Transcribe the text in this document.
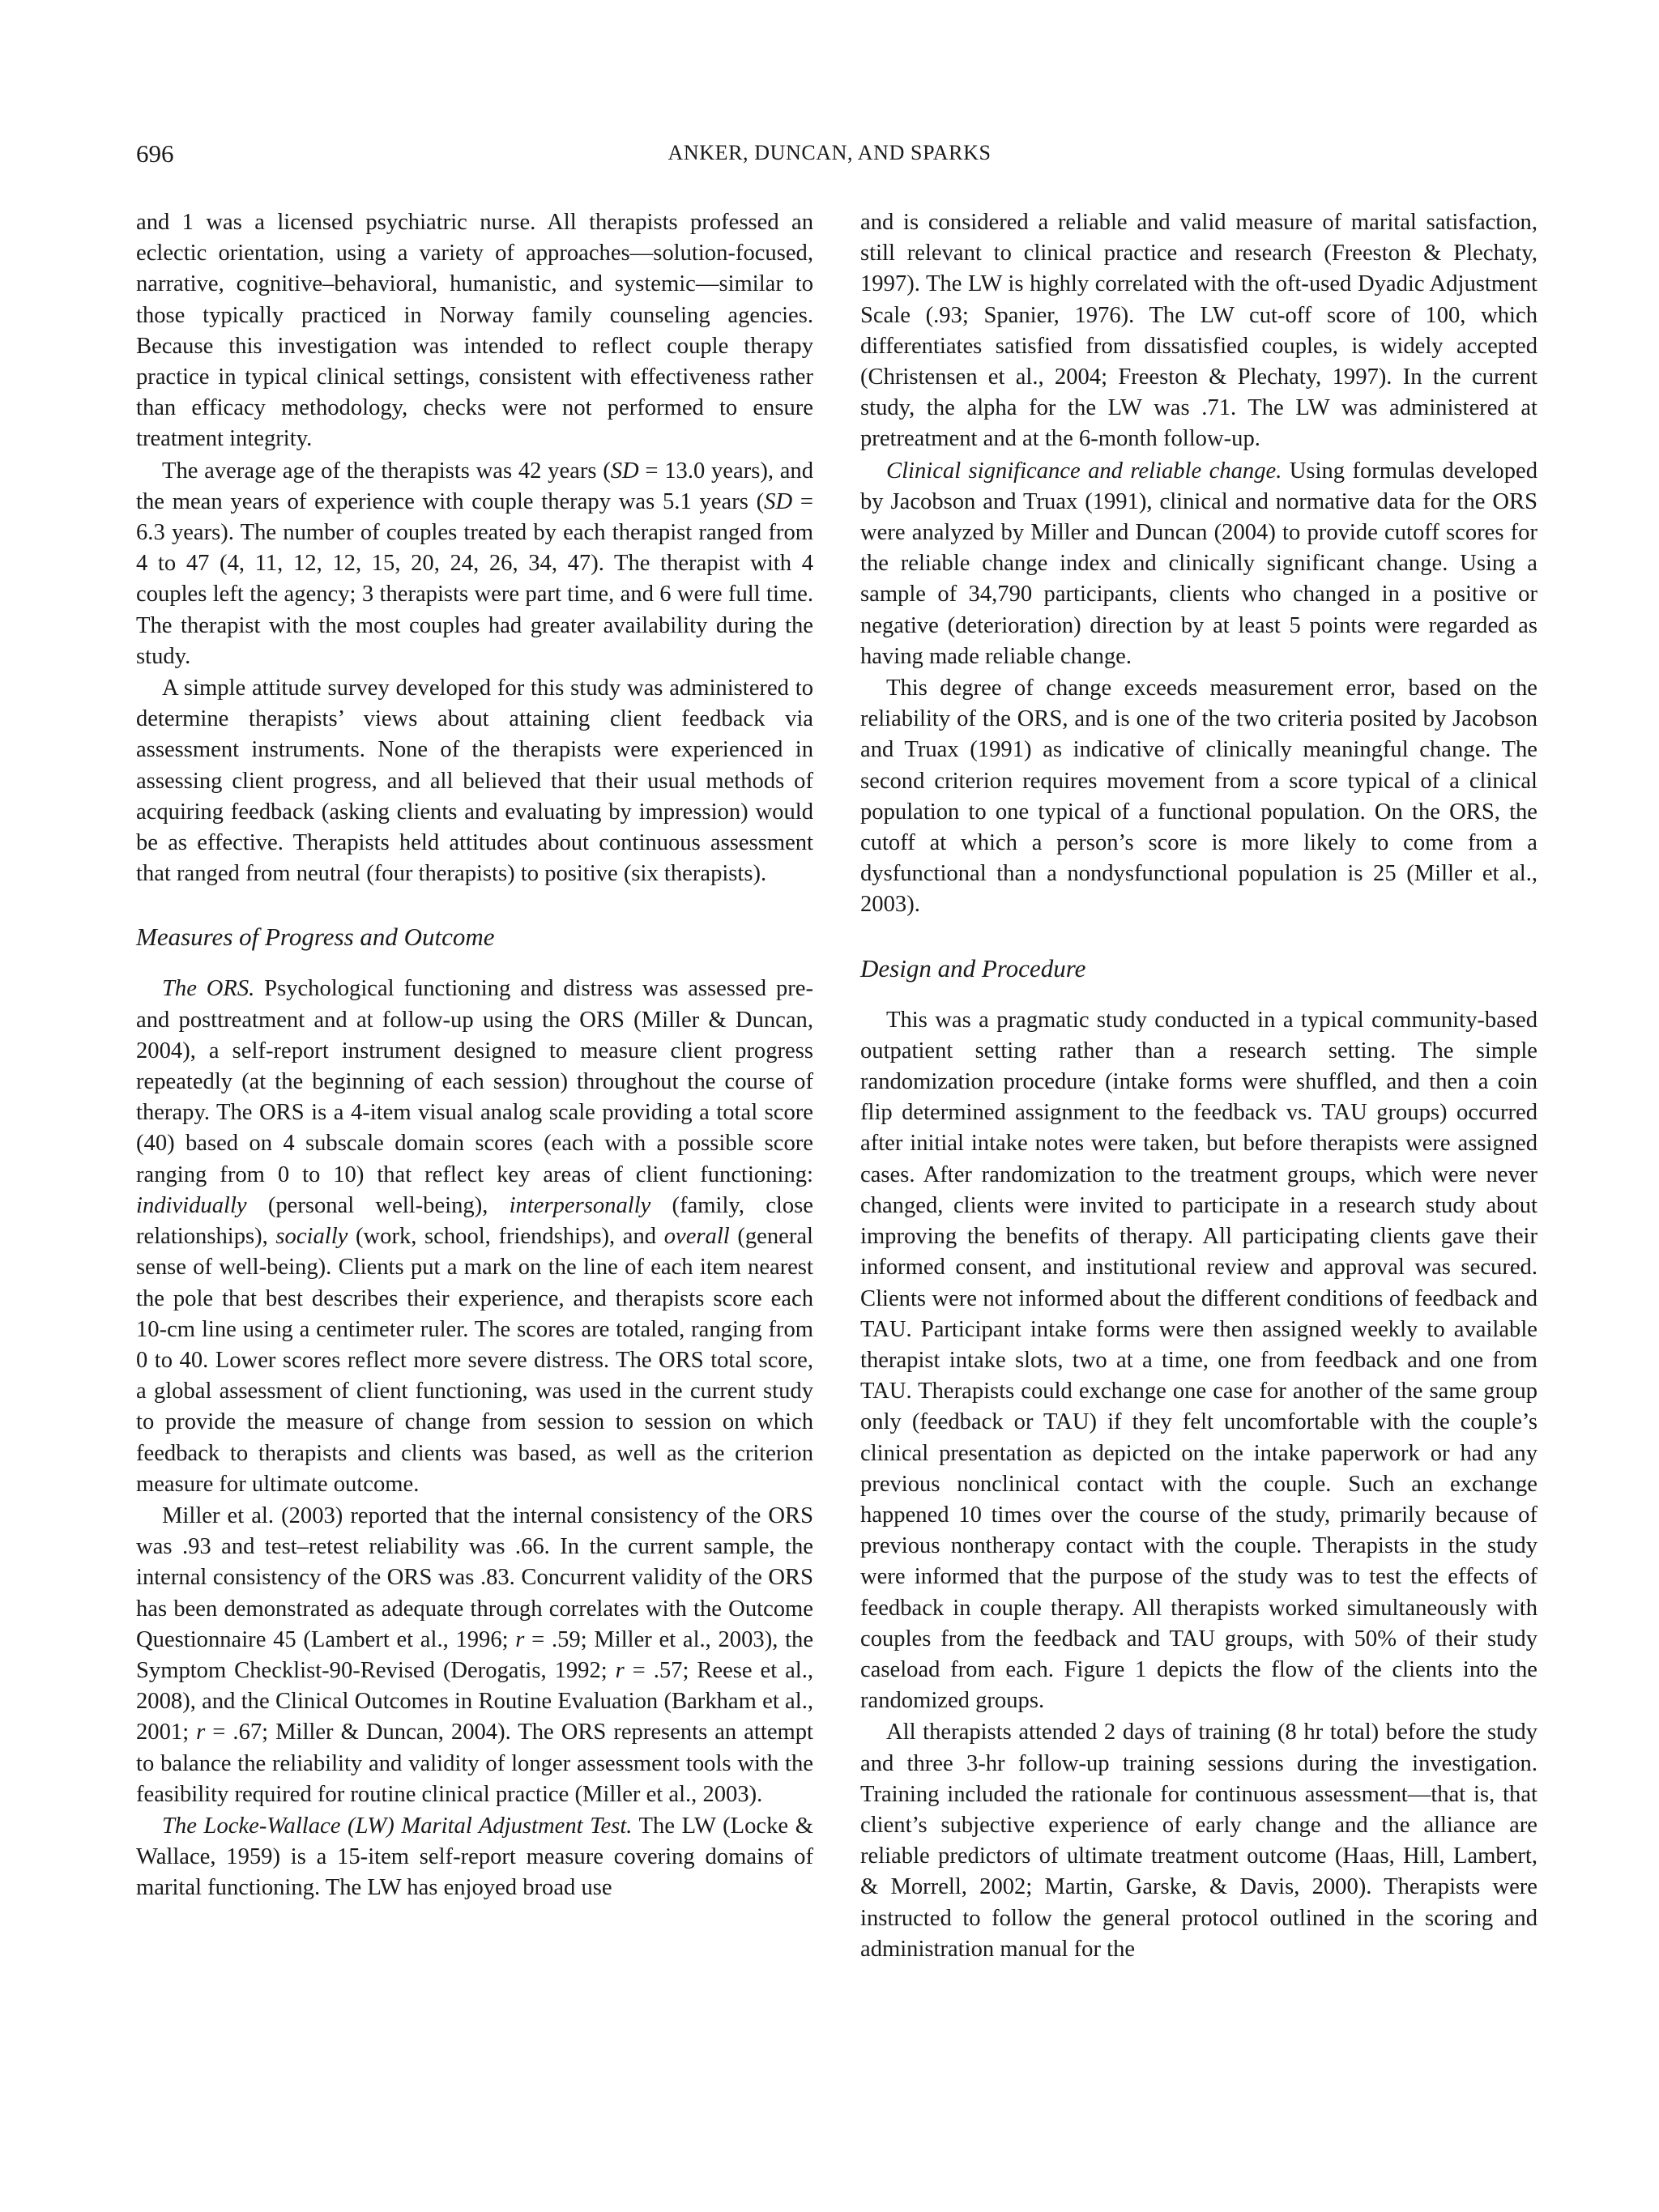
696	ANKER, DUNCAN, AND SPARKS

and 1 was a licensed psychiatric nurse. All therapists professed an eclectic orientation, using a variety of approaches—solution-focused, narrative, cognitive–behavioral, humanistic, and systemic—similar to those typically practiced in Norway family counseling agencies. Because this investigation was intended to reflect couple therapy practice in typical clinical settings, consistent with effectiveness rather than efficacy methodology, checks were not performed to ensure treatment integrity.

The average age of the therapists was 42 years (SD = 13.0 years), and the mean years of experience with couple therapy was 5.1 years (SD = 6.3 years). The number of couples treated by each therapist ranged from 4 to 47 (4, 11, 12, 12, 15, 20, 24, 26, 34, 47). The therapist with 4 couples left the agency; 3 therapists were part time, and 6 were full time. The therapist with the most couples had greater availability during the study.

A simple attitude survey developed for this study was administered to determine therapists’ views about attaining client feedback via assessment instruments. None of the therapists were experienced in assessing client progress, and all believed that their usual methods of acquiring feedback (asking clients and evaluating by impression) would be as effective. Therapists held attitudes about continuous assessment that ranged from neutral (four therapists) to positive (six therapists).

Measures of Progress and Outcome

The ORS. Psychological functioning and distress was assessed pre- and posttreatment and at follow-up using the ORS (Miller & Duncan, 2004), a self-report instrument designed to measure client progress repeatedly (at the beginning of each session) throughout the course of therapy. The ORS is a 4-item visual analog scale providing a total score (40) based on 4 subscale domain scores (each with a possible score ranging from 0 to 10) that reflect key areas of client functioning: individually (personal well-being), interpersonally (family, close relationships), socially (work, school, friendships), and overall (general sense of well-being). Clients put a mark on the line of each item nearest the pole that best describes their experience, and therapists score each 10-cm line using a centimeter ruler. The scores are totaled, ranging from 0 to 40. Lower scores reflect more severe distress. The ORS total score, a global assessment of client functioning, was used in the current study to provide the measure of change from session to session on which feedback to therapists and clients was based, as well as the criterion measure for ultimate outcome.

Miller et al. (2003) reported that the internal consistency of the ORS was .93 and test–retest reliability was .66. In the current sample, the internal consistency of the ORS was .83. Concurrent validity of the ORS has been demonstrated as adequate through correlates with the Outcome Questionnaire 45 (Lambert et al., 1996; r = .59; Miller et al., 2003), the Symptom Checklist-90-Revised (Derogatis, 1992; r = .57; Reese et al., 2008), and the Clinical Outcomes in Routine Evaluation (Barkham et al., 2001; r = .67; Miller & Duncan, 2004). The ORS represents an attempt to balance the reliability and validity of longer assessment tools with the feasibility required for routine clinical practice (Miller et al., 2003).

The Locke-Wallace (LW) Marital Adjustment Test. The LW (Locke & Wallace, 1959) is a 15-item self-report measure covering domains of marital functioning. The LW has enjoyed broad use

and is considered a reliable and valid measure of marital satisfaction, still relevant to clinical practice and research (Freeston & Plechaty, 1997). The LW is highly correlated with the oft-used Dyadic Adjustment Scale (.93; Spanier, 1976). The LW cut-off score of 100, which differentiates satisfied from dissatisfied couples, is widely accepted (Christensen et al., 2004; Freeston & Plechaty, 1997). In the current study, the alpha for the LW was .71. The LW was administered at pretreatment and at the 6-month follow-up.

Clinical significance and reliable change. Using formulas developed by Jacobson and Truax (1991), clinical and normative data for the ORS were analyzed by Miller and Duncan (2004) to provide cutoff scores for the reliable change index and clinically significant change. Using a sample of 34,790 participants, clients who changed in a positive or negative (deterioration) direction by at least 5 points were regarded as having made reliable change.

This degree of change exceeds measurement error, based on the reliability of the ORS, and is one of the two criteria posited by Jacobson and Truax (1991) as indicative of clinically meaningful change. The second criterion requires movement from a score typical of a clinical population to one typical of a functional population. On the ORS, the cutoff at which a person’s score is more likely to come from a dysfunctional than a nondysfunctional population is 25 (Miller et al., 2003).

Design and Procedure

This was a pragmatic study conducted in a typical community-based outpatient setting rather than a research setting. The simple randomization procedure (intake forms were shuffled, and then a coin flip determined assignment to the feedback vs. TAU groups) occurred after initial intake notes were taken, but before therapists were assigned cases. After randomization to the treatment groups, which were never changed, clients were invited to participate in a research study about improving the benefits of therapy. All participating clients gave their informed consent, and institutional review and approval was secured. Clients were not informed about the different conditions of feedback and TAU. Participant intake forms were then assigned weekly to available therapist intake slots, two at a time, one from feedback and one from TAU. Therapists could exchange one case for another of the same group only (feedback or TAU) if they felt uncomfortable with the couple’s clinical presentation as depicted on the intake paperwork or had any previous nonclinical contact with the couple. Such an exchange happened 10 times over the course of the study, primarily because of previous nontherapy contact with the couple. Therapists in the study were informed that the purpose of the study was to test the effects of feedback in couple therapy. All therapists worked simultaneously with couples from the feedback and TAU groups, with 50% of their study caseload from each. Figure 1 depicts the flow of the clients into the randomized groups.

All therapists attended 2 days of training (8 hr total) before the study and three 3-hr follow-up training sessions during the investigation. Training included the rationale for continuous assessment—that is, that client’s subjective experience of early change and the alliance are reliable predictors of ultimate treatment outcome (Haas, Hill, Lambert, & Morrell, 2002; Martin, Garske, & Davis, 2000). Therapists were instructed to follow the general protocol outlined in the scoring and administration manual for the
